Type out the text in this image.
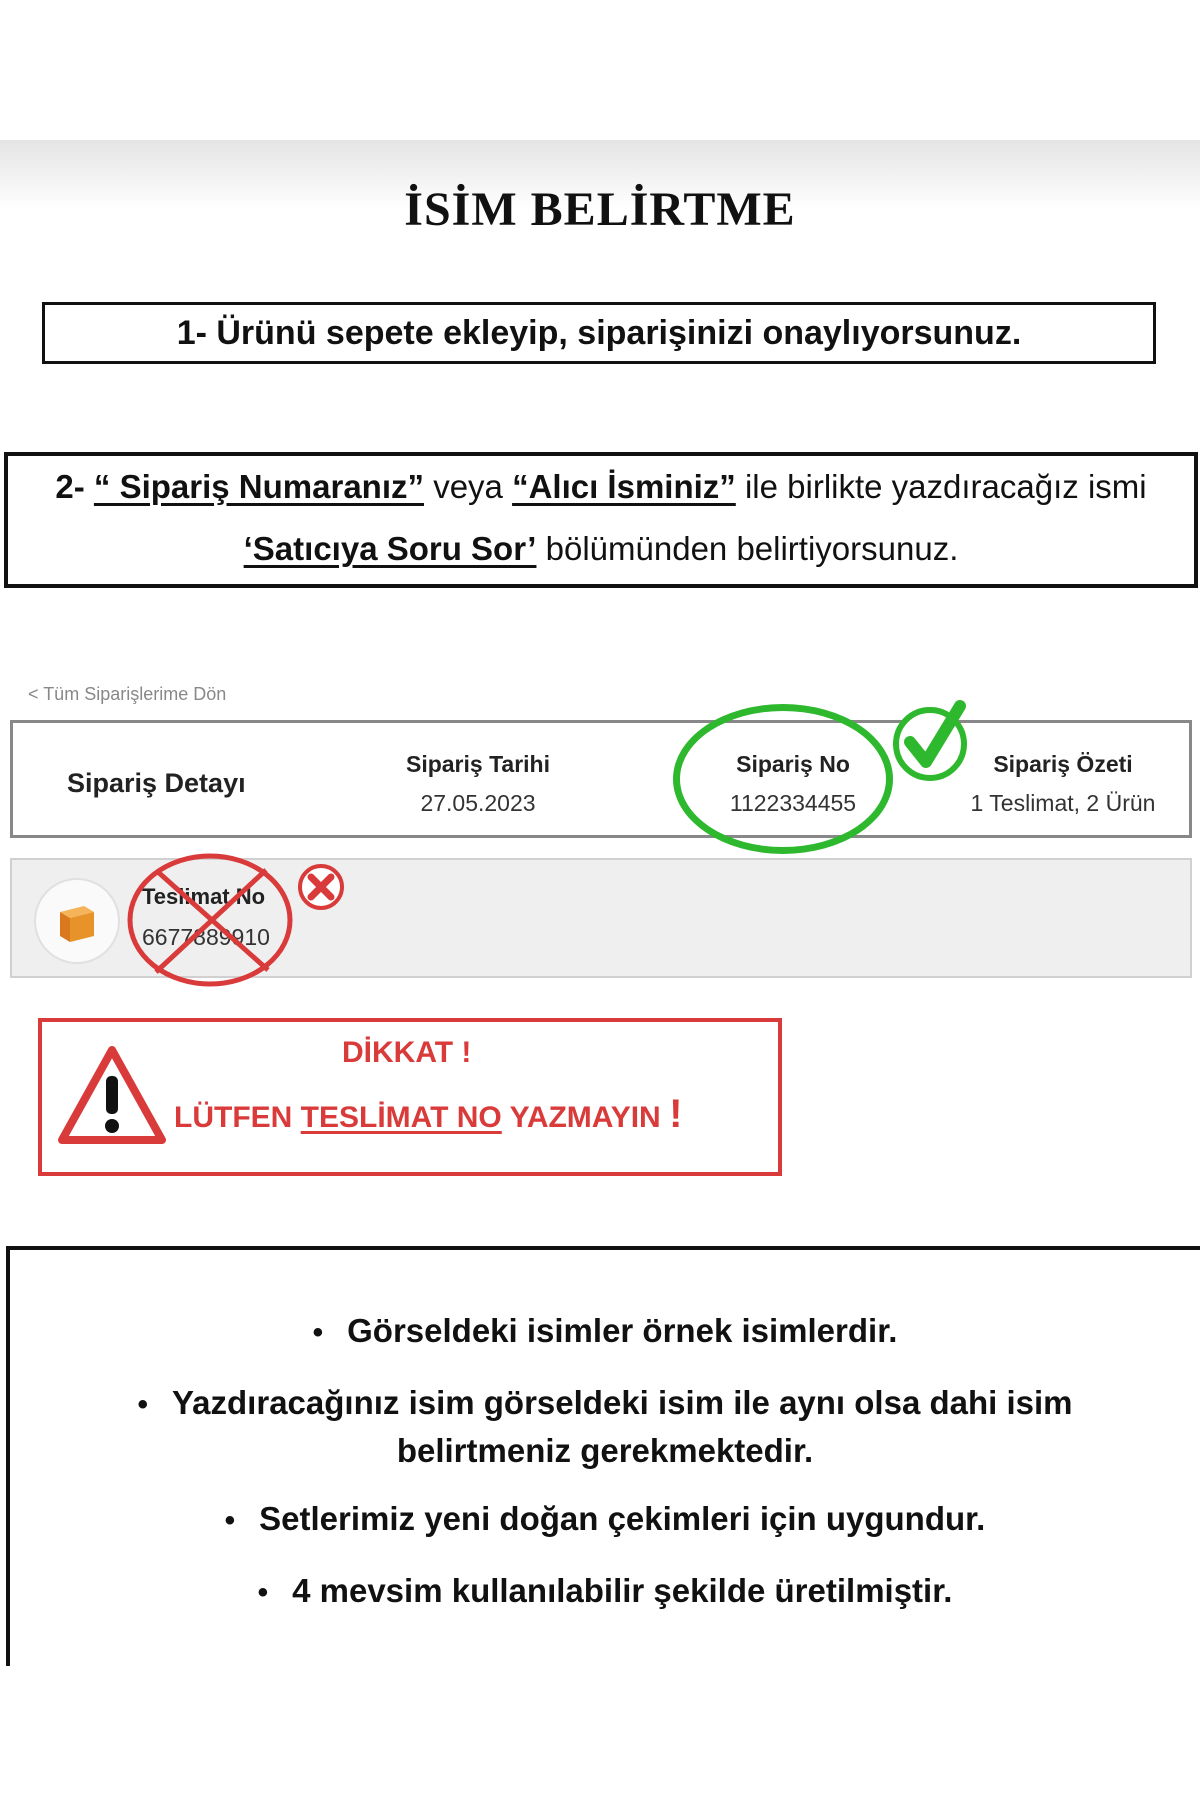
İSİM BELİRTME
1- Ürünü sepete ekleyip, siparişinizi onaylıyorsunuz.
2- “ Sipariş Numaranız” veya “Alıcı İsminiz” ile birlikte yazdıracağız ismi
‘Satıcıya Soru Sor’ bölümünden belirtiyorsunuz.
< Tüm Siparişlerime Dön
Sipariş Detayı
Sipariş Tarihi
27.05.2023
Sipariş No
1122334455
Sipariş Özeti
1 Teslimat, 2 Ürün
Teslimat No
6677889910
DİKKAT !
LÜTFEN TESLİMAT NO YAZMAYIN !
• Görseldeki isimler örnek isimlerdir.
• Yazdıracağınız isim görseldeki isim ile aynı olsa dahi isim belirtmeniz gerekmektedir.
• Setlerimiz yeni doğan çekimleri için uygundur.
• 4 mevsim kullanılabilir şekilde üretilmiştir.
